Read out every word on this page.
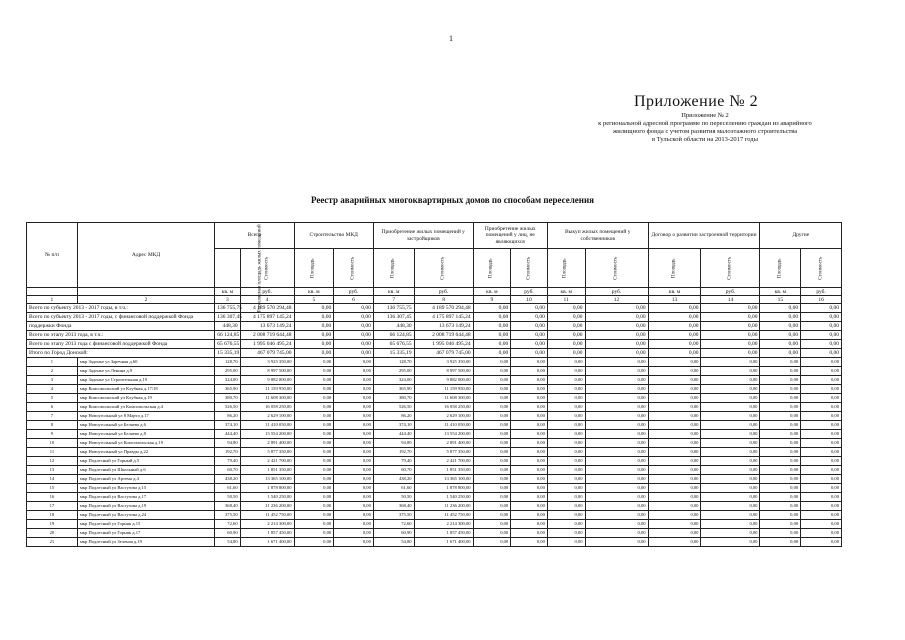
1
Приложение № 2
Приложение № 2
к региональной адресной программе по переселению граждан из аварийного
жилищного фонда с учетом развития малоэтажного строительства
в Тульской области на 2013-2017 годы
Реестр аварийных многоквартирных домов по способам переселения
№ п/п	Адрес МКД	Всего		Строительство МКД		Приобретение жилых помещений у застройщиков		Приобретение жилых помещений у лиц, не являющихся		Выкуп жилых помещений у собственников		Договор о развитии застроенной территории		Другие	
		Расселяемая площадь жилых помещений	Стоимость	Площадь	Стоимость	Площадь	Стоимость	Площадь	Стоимость	Площадь	Стоимость	Площадь	Стоимость	Площадь	Стоимость
		кв. м	руб.	кв. м	руб.	кв. м	руб.	кв. м	руб.	кв. м	руб.	кв. м	руб.	кв. м	руб.
1	2	3	4	5	6	7	8	9	10	11	12	13	14	15	16
Всего по субъекту 2013 - 2017 годы, в т.ч.:		136 755,75	4 189 570 294,48	0,00	0,00	136 755,75	4 189 570 294,48	0,00	0,00	0,00	0,00	0,00	0,00	0,00	0,00
Всего по субъекту 2013 - 2017 годы, с финансовой поддержкой Фонда		136 307,45	4 175 897 145,24	0,00	0,00	136 307,45	4 175 897 145,24	0,00	0,00	0,00	0,00	0,00	0,00	0,00	0,00
поддержки Фонда		448,30	13 673 149,24	0,00	0,00	448,30	13 673 149,24	0,00	0,00	0,00	0,00	0,00	0,00	0,00	0,00
Всего по этапу 2013 года, в т.ч.:		66 124,85	2 008 719 644,48	0,00	0,00	66 124,85	2 008 719 644,48	0,00	0,00	0,00	0,00	0,00	0,00	0,00	0,00
Всего по этапу 2013 года с финансовой поддержкой Фонда		65 676,55	1 995 046 495,24	0,00	0,00	65 676,55	1 995 046 495,24	0,00	0,00	0,00	0,00	0,00	0,00	0,00	0,00
Итого по Город Донской:		15 335,19	467 079 745,00	0,00	0,00	15 335,19	467 079 745,00	0,00	0,00	0,00	0,00	0,00	0,00	0,00	0,00
1	мкр Задонье ул Заречная д.60	128,70	3 925 350,00	0,00	0,00	128,70	3 925 350,00	0,00	0,00	0,00	0,00	0,00	0,00	0,00	0,00
2	мкр Задонье ул Ленина д.9	295,00	8 997 500,00	0,00	0,00	295,00	8 997 500,00	0,00	0,00	0,00	0,00	0,00	0,00	0,00	0,00
3	мкр Задонье ул Строительная д.19	324,00	9 882 000,00	0,00	0,00	324,00	9 882 000,00	0,00	0,00	0,00	0,00	0,00	0,00	0,00	0,00
4	мкр Комсомольский ул Клубная д.17/18	365,90	11 159 950,00	0,00	0,00	365,90	11 159 950,00	0,00	0,00	0,00	0,00	0,00	0,00	0,00	0,00
5	мкр Комсомольский ул Клубная д.19	380,70	11 608 300,00	0,00	0,00	380,70	11 608 300,00	0,00	0,00	0,00	0,00	0,00	0,00	0,00	0,00
6	мкр Комсомольский ул Комсомольская д.4	526,50	16 058 250,00	0,00	0,00	526,50	16 058 250,00	0,00	0,00	0,00	0,00	0,00	0,00	0,00	0,00
7	мкр Новоугольный ул 8 Марта д.17	86,20	2 629 100,00	0,00	0,00	86,20	2 629 100,00	0,00	0,00	0,00	0,00	0,00	0,00	0,00	0,00
8	мкр Новоугольный ул Беляева д.6	374,10	11 410 050,00	0,00	0,00	374,10	11 410 050,00	0,00	0,00	0,00	0,00	0,00	0,00	0,00	0,00
9	мкр Новоугольный ул Беляева д.8	444,40	13 554 200,00	0,00	0,00	444,40	13 554 200,00	0,00	0,00	0,00	0,00	0,00	0,00	0,00	0,00
10	мкр Новоугольный ул Комсомольская д.19	94,80	2 891 400,00	0,00	0,00	94,80	2 891 400,00	0,00	0,00	0,00	0,00	0,00	0,00	0,00	0,00
11	мкр Новоугольный ул Правды д.22	192,70	5 877 350,00	0,00	0,00	192,70	5 877 350,00	0,00	0,00	0,00	0,00	0,00	0,00	0,00	0,00
12	мкр Подлесный ул Горный д.5	79,40	2 421 700,00	0,00	0,00	79,40	2 421 700,00	0,00	0,00	0,00	0,00	0,00	0,00	0,00	0,00
13	мкр Подлесный ул Школьный д.6	60,70	1 851 350,00	0,00	0,00	60,70	1 851 350,00	0,00	0,00	0,00	0,00	0,00	0,00	0,00	0,00
14	мкр Подлесный ул Артема д.4	438,20	13 365 100,00	0,00	0,00	438,20	13 365 100,00	0,00	0,00	0,00	0,00	0,00	0,00	0,00	0,00
15	мкр Подлесный ул Васгузова д.15	61,60	1 878 800,00	0,00	0,00	61,60	1 878 800,00	0,00	0,00	0,00	0,00	0,00	0,00	0,00	0,00
16	мкр Подлесный ул Васгузова д.17	50,50	1 540 250,00	0,00	0,00	50,50	1 540 250,00	0,00	0,00	0,00	0,00	0,00	0,00	0,00	0,00
17	мкр Подлесный ул Васгузова д.19	368,40	11 236 200,00	0,00	0,00	368,40	11 236 200,00	0,00	0,00	0,00	0,00	0,00	0,00	0,00	0,00
18	мкр Подлесный ул Васгузова д.24	375,50	11 452 750,00	0,00	0,00	375,50	11 452 750,00	0,00	0,00	0,00	0,00	0,00	0,00	0,00	0,00
19	мкр Подлесный ул Горняк д.15	72,60	2 214 300,00	0,00	0,00	72,60	2 214 300,00	0,00	0,00	0,00	0,00	0,00	0,00	0,00	0,00
20	мкр Подлесный ул Горняк д.17	60,90	1 857 450,00	0,00	0,00	60,90	1 857 450,00	0,00	0,00	0,00	0,00	0,00	0,00	0,00	0,00
21	мкр Подлесный ул Зеленая д.19	54,80	1 671 400,00	0,00	0,00	54,80	1 671 400,00	0,00	0,00	0,00	0,00	0,00	0,00	0,00	0,00
